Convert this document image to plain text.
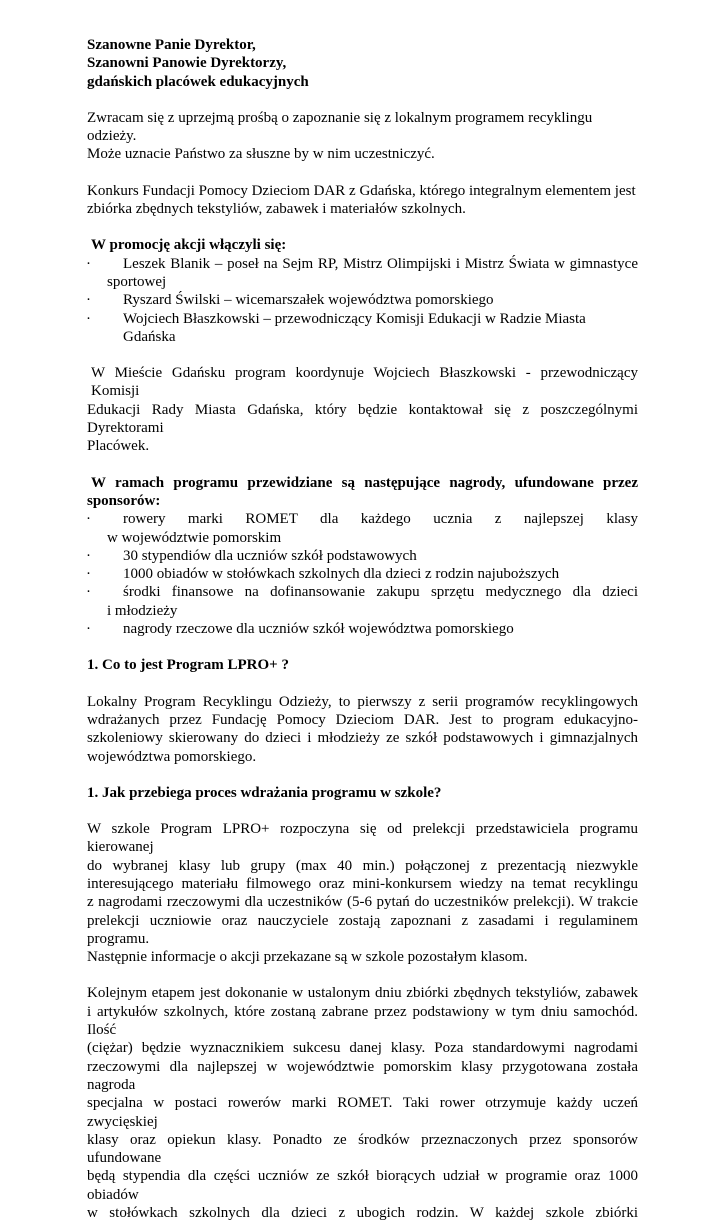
Szanowne Panie Dyrektor,

Szanowni Panowie Dyrektorzy,

gdańskich placówek edukacyjnych

Zwracam się z uprzejmą prośbą o zapoznanie się z lokalnym programem recyklingu odzieży.

Może uznacie Państwo za słuszne by w nim uczestniczyć.

Konkurs Fundacji Pomocy Dzieciom DAR z Gdańska, którego integralnym elementem jest

zbiórka zbędnych tekstyliów, zabawek i materiałów szkolnych.

W promocję akcji włączyli się:

· Leszek Blanik – poseł na Sejm RP, Mistrz Olimpijski i Mistrz Świata w gimnastyce
sportowej
· Ryszard Świlski – wicemarszałek województwa pomorskiego
· Wojciech Błaszkowski – przewodniczący Komisji Edukacji w Radzie Miasta Gdańska

W Mieście Gdańsku program koordynuje Wojciech Błaszkowski - przewodniczący Komisji

Edukacji Rady Miasta Gdańska, który będzie kontaktował się z poszczególnymi Dyrektorami

Placówek.

W ramach programu przewidziane są następujące nagrody, ufundowane przez

sponsorów:

· rowery marki ROMET dla każdego ucznia z najlepszej klasy
w województwie pomorskim
· 30 stypendiów dla uczniów szkół podstawowych
· 1000 obiadów w stołówkach szkolnych dla dzieci z rodzin najuboższych
· środki finansowe na dofinansowanie zakupu sprzętu medycznego dla dzieci
i młodzieży
· nagrody rzeczowe dla uczniów szkół województwa pomorskiego

1. Co to jest Program LPRO+ ?

Lokalny Program Recyklingu Odzieży, to pierwszy z serii programów recyklingowych

wdrażanych przez Fundację Pomocy Dzieciom DAR. Jest to program edukacyjno-

szkoleniowy skierowany do dzieci i młodzieży ze szkół podstawowych i gimnazjalnych

województwa pomorskiego.

1. Jak przebiega proces wdrażania programu w szkole?

W szkole Program LPRO+ rozpoczyna się od prelekcji przedstawiciela programu kierowanej

do wybranej klasy lub grupy (max 40 min.) połączonej z prezentacją niezwykle

interesującego materiału filmowego oraz mini-konkursem wiedzy na temat recyklingu

z nagrodami rzeczowymi dla uczestników (5-6 pytań do uczestników prelekcji). W trakcie

prelekcji uczniowie oraz nauczyciele zostają zapoznani z zasadami i regulaminem programu.

Następnie informacje o akcji przekazane są w szkole pozostałym klasom.

Kolejnym etapem jest dokonanie w ustalonym dniu zbiórki zbędnych tekstyliów, zabawek

i artykułów szkolnych, które zostaną zabrane przez podstawiony w tym dniu samochód. Ilość

(ciężar) będzie wyznacznikiem sukcesu danej klasy. Poza standardowymi nagrodami

rzeczowymi dla najlepszej w województwie pomorskim klasy przygotowana została nagroda

specjalna w postaci rowerów marki ROMET. Taki rower otrzymuje każdy uczeń zwycięskiej

klasy oraz opiekun klasy. Ponadto ze środków przeznaczonych przez sponsorów ufundowane

będą stypendia dla części uczniów ze szkół biorących udział w programie oraz 1000 obiadów

w stołówkach szkolnych dla dzieci z ubogich rodzin. W każdej szkole zbiórki
